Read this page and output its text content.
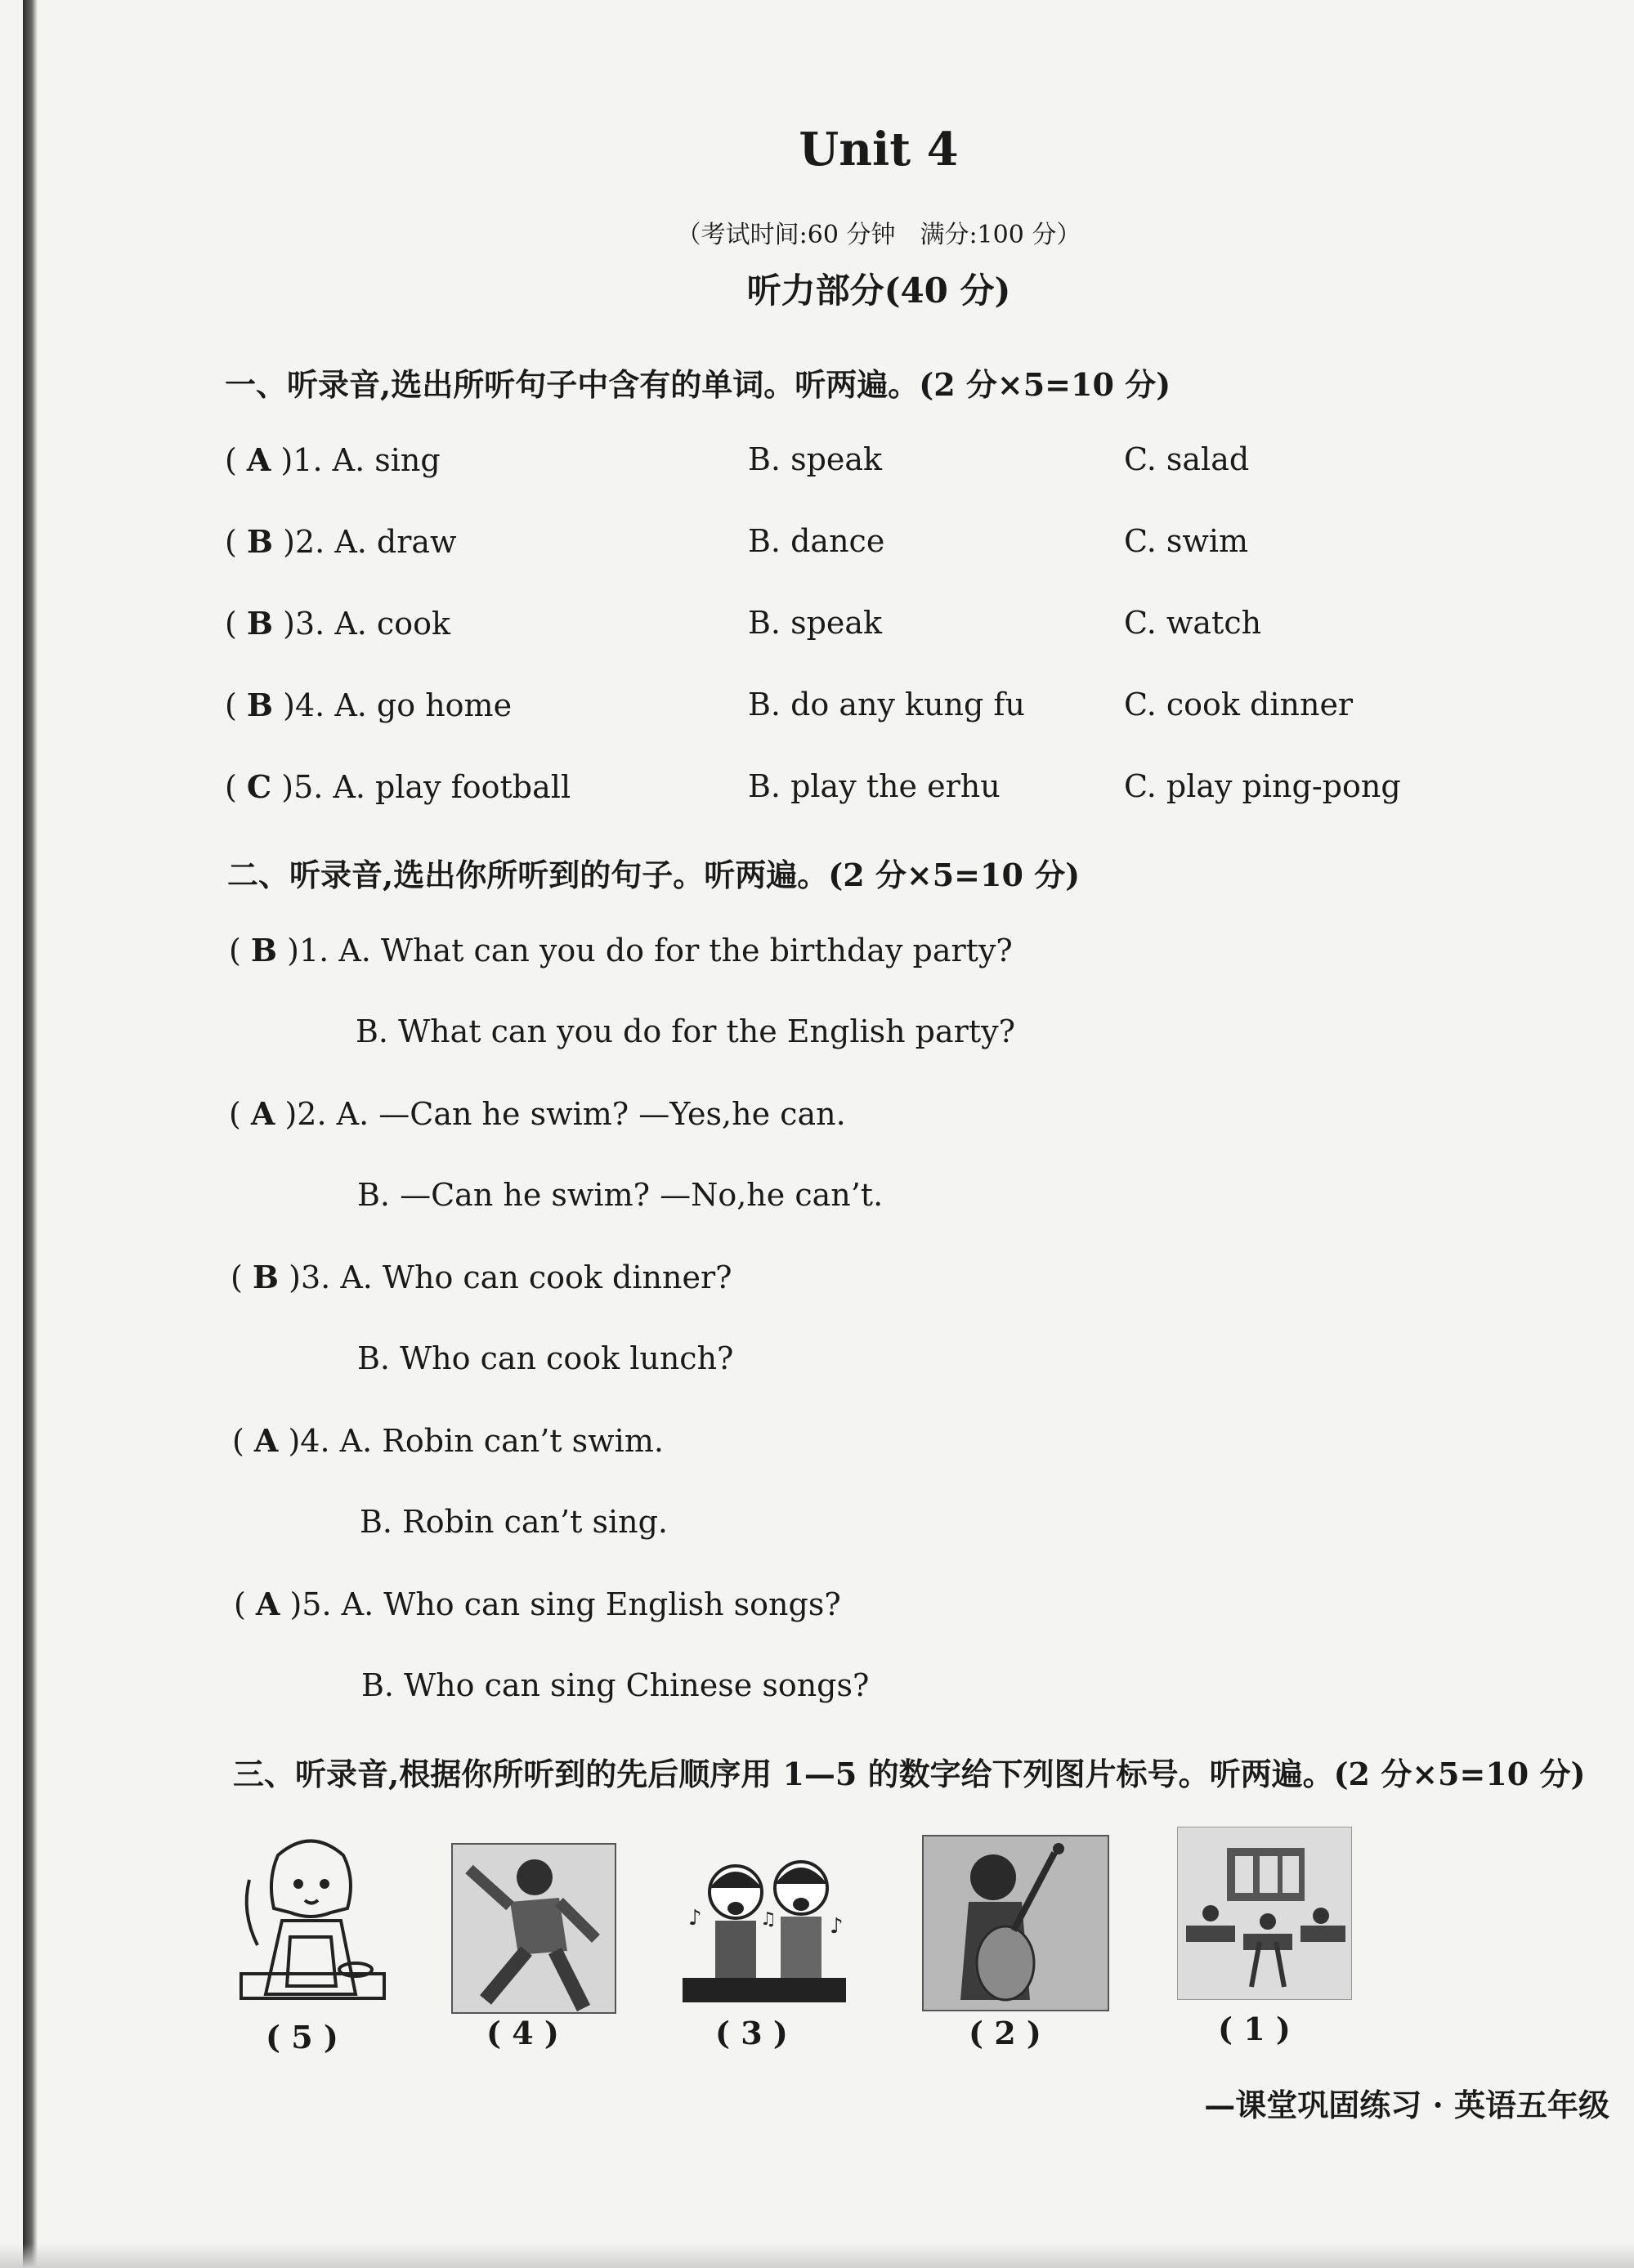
Unit 4
（考试时间:60 分钟　满分:100 分）
听力部分(40 分)
一、听录音,选出所听句子中含有的单词。听两遍。(2 分×5=10 分)
( A )1. A. sing	B. speak	C. salad
( B )2. A. draw	B. dance	C. swim
( B )3. A. cook	B. speak	C. watch
( B )4. A. go home	B. do any kung fu	C. cook dinner
( C )5. A. play football	B. play the erhu	C. play ping-pong
二、听录音,选出你所听到的句子。听两遍。(2 分×5=10 分)
( B )1. A. What can you do for the birthday party?
B. What can you do for the English party?
( A )2. A. —Can he swim? —Yes,he can.
B. —Can he swim? —No,he can’t.
( B )3. A. Who can cook dinner?
B. Who can cook lunch?
( A )4. A. Robin can’t swim.
B. Robin can’t sing.
( A )5. A. Who can sing English songs?
B. Who can sing Chinese songs?
三、听录音,根据你所听到的先后顺序用 1—5 的数字给下列图片标号。听两遍。(2 分×5=10 分)
♪	♪
♫
( 5 )	( 4 )	( 3 )	( 2 )	( 1 )
—课堂巩固练习 · 英语五年级
